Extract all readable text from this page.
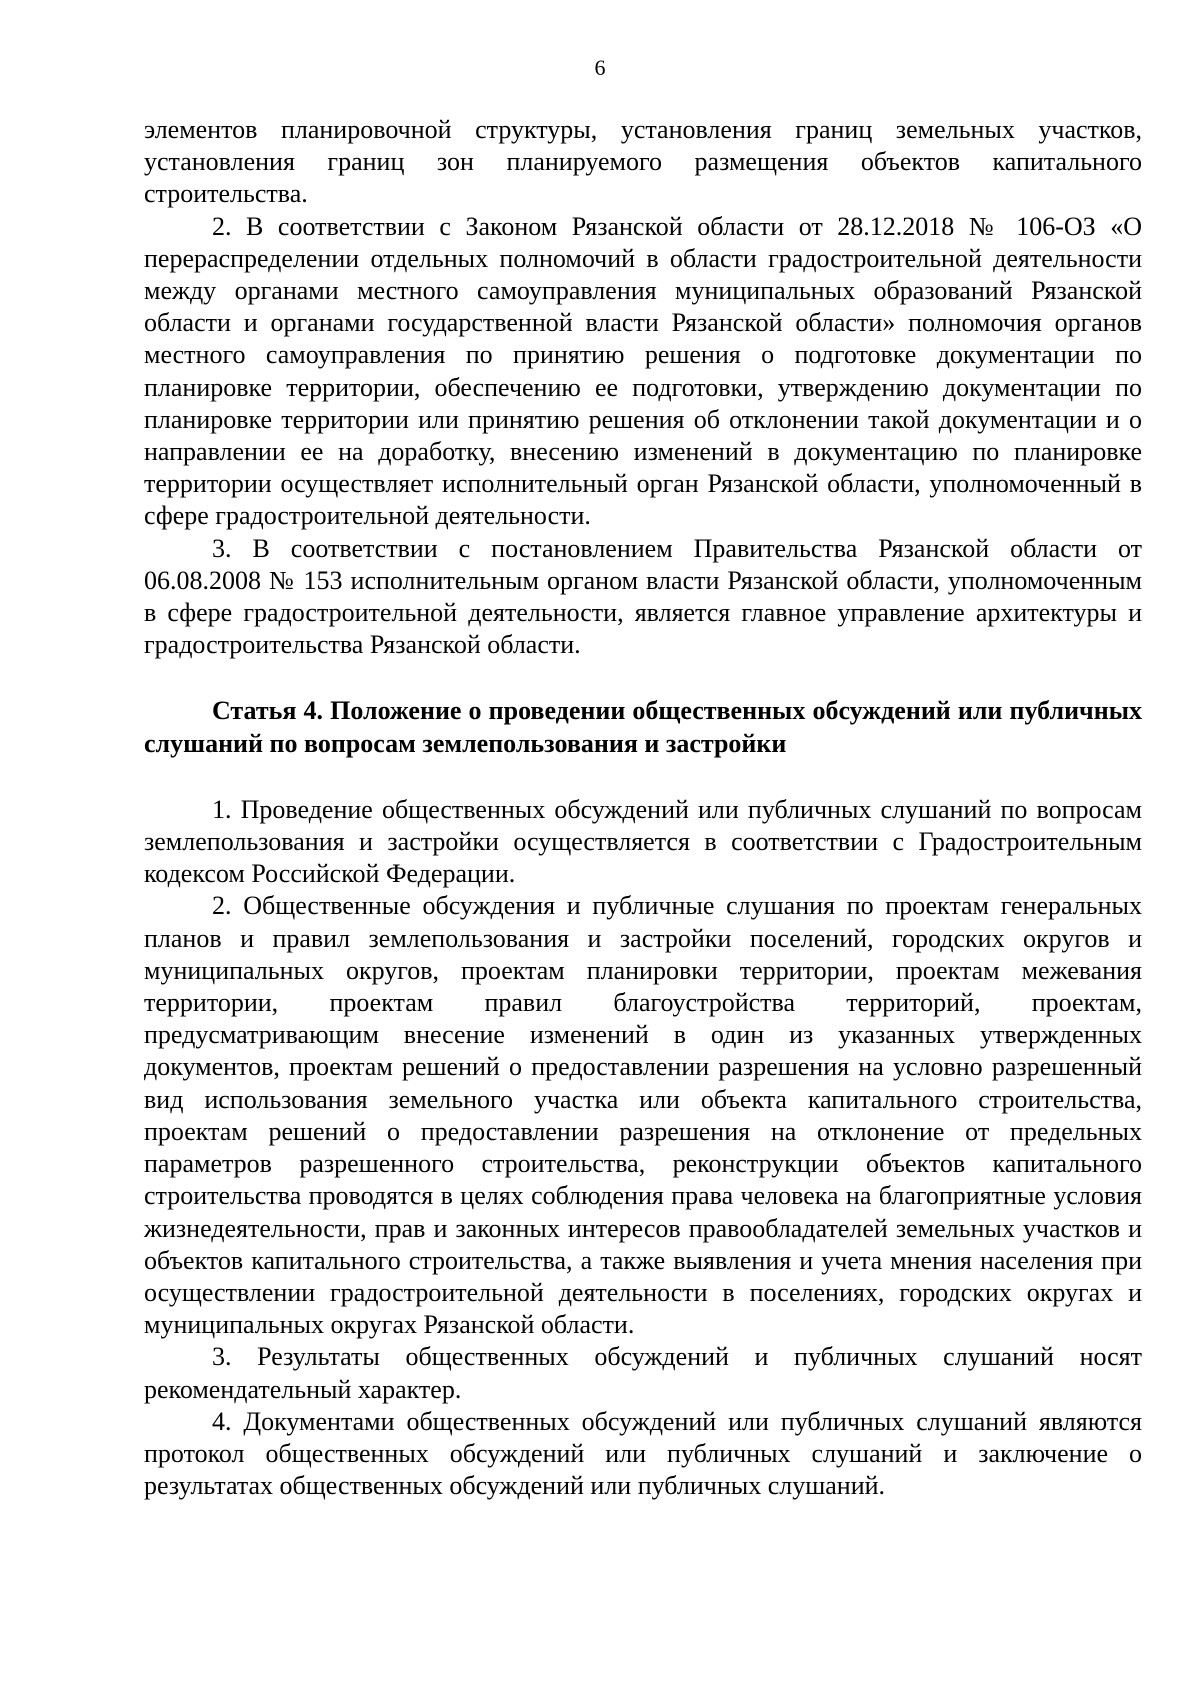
6

элементов планировочной структуры, установления границ земельных участков, установления границ зон планируемого размещения объектов капитального строительства.

2. В соответствии с Законом Рязанской области от 28.12.2018 № 106-ОЗ «О перераспределении отдельных полномочий в области градостроительной деятельности между органами местного самоуправления муниципальных образований Рязанской области и органами государственной власти Рязанской области» полномочия органов местного самоуправления по принятию решения о подготовке документации по планировке территории, обеспечению ее подготовки, утверждению документации по планировке территории или принятию решения об отклонении такой документации и о направлении ее на доработку, внесению изменений в документацию по планировке территории осуществляет исполнительный орган Рязанской области, уполномоченный в сфере градостроительной деятельности.

3. В соответствии с постановлением Правительства Рязанской области от 06.08.2008 № 153 исполнительным органом власти Рязанской области, уполномоченным в сфере градостроительной деятельности, является главное управление архитектуры и градостроительства Рязанской области.

Статья 4. Положение о проведении общественных обсуждений или публичных слушаний по вопросам землепользования и застройки

1. Проведение общественных обсуждений или публичных слушаний по вопросам землепользования и застройки осуществляется в соответствии с Градостроительным кодексом Российской Федерации.

2. Общественные обсуждения и публичные слушания по проектам генеральных планов и правил землепользования и застройки поселений, городских округов и муниципальных округов, проектам планировки территории, проектам межевания территории, проектам правил благоустройства территорий, проектам, предусматривающим внесение изменений в один из указанных утвержденных документов, проектам решений о предоставлении разрешения на условно разрешенный вид использования земельного участка или объекта капитального строительства, проектам решений о предоставлении разрешения на отклонение от предельных параметров разрешенного строительства, реконструкции объектов капитального строительства проводятся в целях соблюдения права человека на благоприятные условия жизнедеятельности, прав и законных интересов правообладателей земельных участков и объектов капитального строительства, а также выявления и учета мнения населения при осуществлении градостроительной деятельности в поселениях, городских округах и муниципальных округах Рязанской области.

3. Результаты общественных обсуждений и публичных слушаний носят рекомендательный характер.

4. Документами общественных обсуждений или публичных слушаний являются протокол общественных обсуждений или публичных слушаний и заключение о результатах общественных обсуждений или публичных слушаний.
